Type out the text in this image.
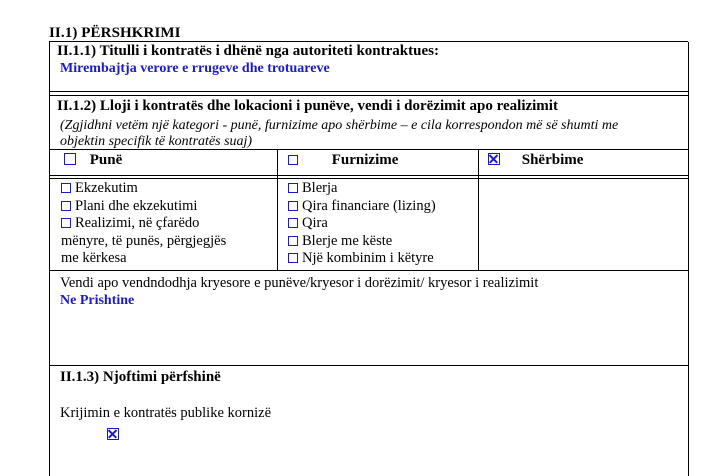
II.1) PËRSHKRIMI
II.1.1) Titulli i kontratës i dhënë nga autoriteti kontraktues:
Mirembajtja verore e rrugeve dhe trotuareve
II.1.2) Lloji i kontratës dhe lokacioni i punëve, vendi i dorëzimit apo realizimit
(Zgjidhni vetëm një kategori - punë, furnizime apo shërbime – e cila korrespondon më së shumti me
objektin specifik të kontratës suaj)
Punë	Furnizime	Shërbime
Ekzekutim
Plani dhe ekzekutimi
Realizimi, në çfarëdo
mënyre, të punës, përgjegjës
me kërkesa
Blerja
Qira financiare (lizing)
Qira
Blerje me këste
Një kombinim i këtyre
Vendi apo vendndodhja kryesore e punëve/kryesor i dorëzimit/ kryesor i realizimit
Ne Prishtine
II.1.3) Njoftimi përfshinë
Krijimin e kontratës publike kornizë
